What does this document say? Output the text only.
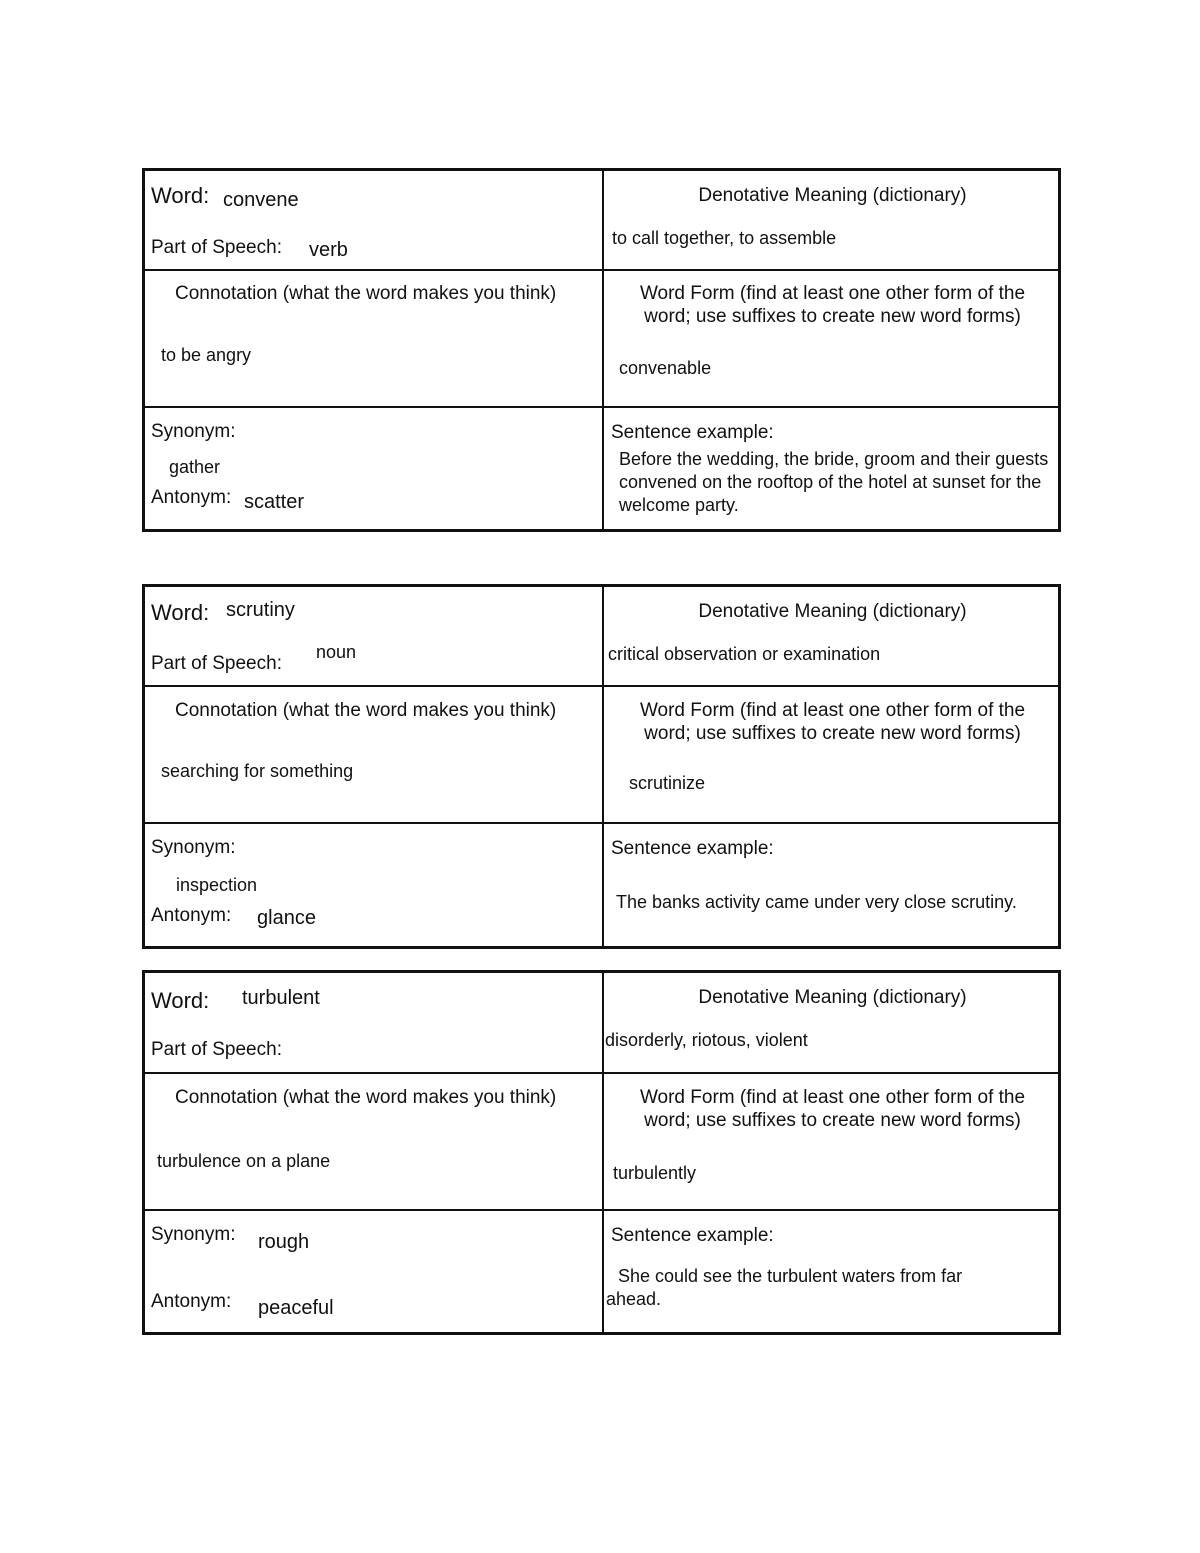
Word: convene
Part of Speech: verb
Denotative Meaning (dictionary)
to call together, to assemble
Connotation (what the word makes you think)
to be angry
Word Form (find at least one other form of the
word; use suffixes to create new word forms)
convenable
Synonym:
gather
Antonym: scatter
Sentence example:
Before the wedding, the bride, groom and their guests convened on the rooftop of the hotel at sunset for the welcome party.
Word: scrutiny
Part of Speech:
noun
Denotative Meaning (dictionary)
critical observation or examination
Connotation (what the word makes you think)
searching for something
Word Form (find at least one other form of the
word; use suffixes to create new word forms)
scrutinize
Synonym:
inspection
Antonym: glance
Sentence example:
The banks activity came under very close scrutiny.
Word: turbulent
Part of Speech:
Denotative Meaning (dictionary)
disorderly, riotous, violent
Connotation (what the word makes you think)
turbulence on a plane
Word Form (find at least one other form of the
word; use suffixes to create new word forms)
turbulently
Synonym: rough
Antonym: peaceful
Sentence example:
She could see the turbulent waters from far ahead.
